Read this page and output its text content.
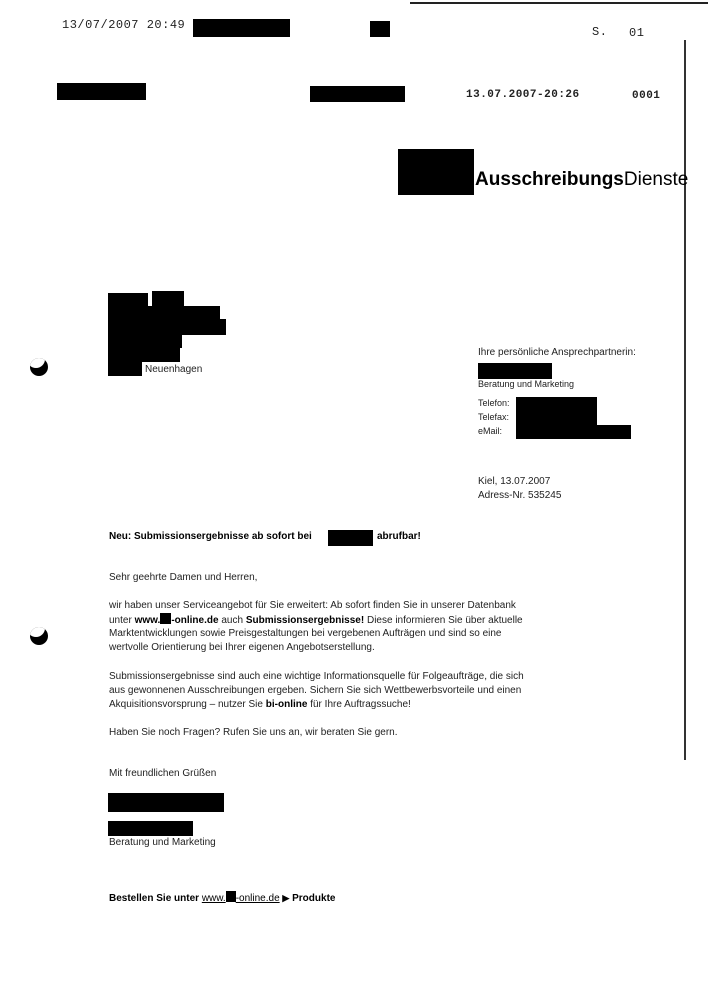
13/07/2007 20:49	S. 01
13.07.2007-20:26	0001
AusschreibungsDienste
Neuenhagen
Ihre persönliche Ansprechpartnerin:
Beratung und Marketing
Telefon:
Telefax:
eMail:
Kiel, 13.07.2007
Adress-Nr. 535245
Neu: Submissionsergebnisse ab sofort bei	abrufbar!
Sehr geehrte Damen und Herren,
wir haben unser Serviceangebot für Sie erweitert: Ab sofort finden Sie in unserer Datenbank
unter www. -online.de auch Submissionsergebnisse! Diese informieren Sie über aktuelle
Marktentwicklungen sowie Preisgestaltungen bei vergebenen Aufträgen und sind so eine
wertvolle Orientierung bei Ihrer eigenen Angebotserstellung.
Submissionsergebnisse sind auch eine wichtige Informationsquelle für Folgeaufträge, die sich
aus gewonnenen Ausschreibungen ergeben. Sichern Sie sich Wettbewerbsvorteile und einen
Akquisitionsvorsprung – nutzer Sie bi-online für Ihre Auftragssuche!
Haben Sie noch Fragen? Rufen Sie uns an, wir beraten Sie gern.
Mit freundlichen Grüßen
Beratung und Marketing
Bestellen Sie unter www. -online.de ▶ Produkte
